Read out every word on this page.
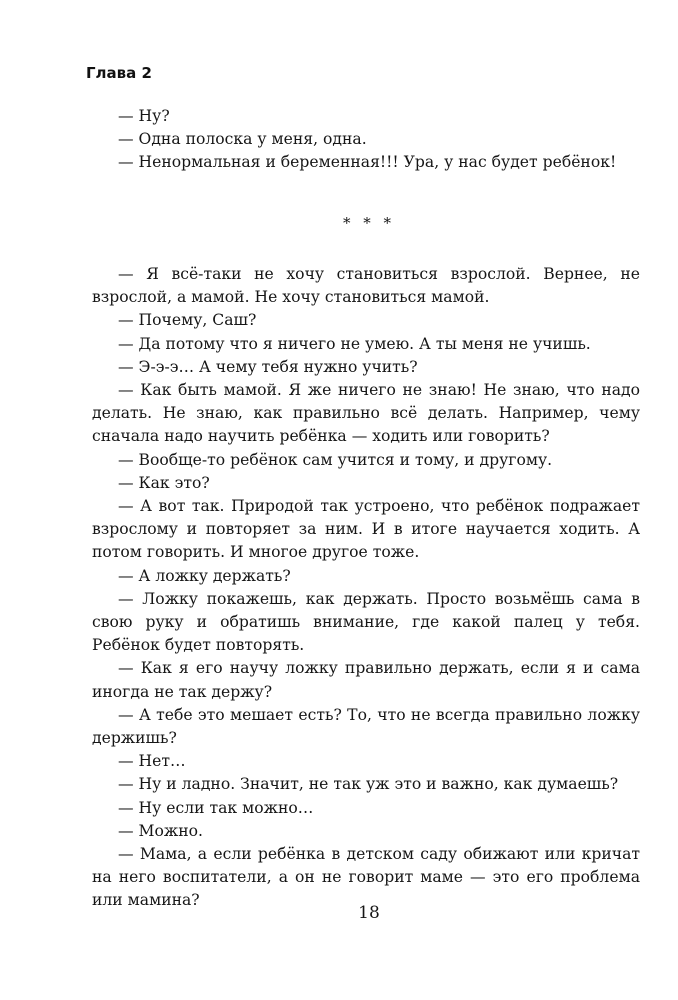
Глава 2

— Ну?

— Одна полоска у меня, одна.

— Ненормальная и беременная!!! Ура, у нас будет ребёнок!

* * *

— Я всё-таки не хочу становиться взрослой. Вернее, не взрослой, а мамой. Не хочу становиться мамой.

— Почему, Саш?

— Да потому что я ничего не умею. А ты меня не учишь.

— Э-э-э… А чему тебя нужно учить?

— Как быть мамой. Я же ничего не знаю! Не знаю, что надо делать. Не знаю, как правильно всё делать. Например, чему сначала надо научить ребёнка — ходить или говорить?

— Вообще-то ребёнок сам учится и тому, и другому.

— Как это?

— А вот так. Природой так устроено, что ребёнок подражает взрослому и повторяет за ним. И в итоге научается ходить. А потом говорить. И многое другое тоже.

— А ложку держать?

— Ложку покажешь, как держать. Просто возьмёшь сама в свою руку и обратишь внимание, где какой палец у тебя. Ребёнок будет повторять.

— Как я его научу ложку правильно держать, если я и сама иногда не так держу?

— А тебе это мешает есть? То, что не всегда правильно ложку держишь?

— Нет…

— Ну и ладно. Значит, не так уж это и важно, как думаешь?

— Ну если так можно…

— Можно.

— Мама, а если ребёнка в детском саду обижают или кричат на него воспитатели, а он не говорит маме — это его проблема или мамина?

18
